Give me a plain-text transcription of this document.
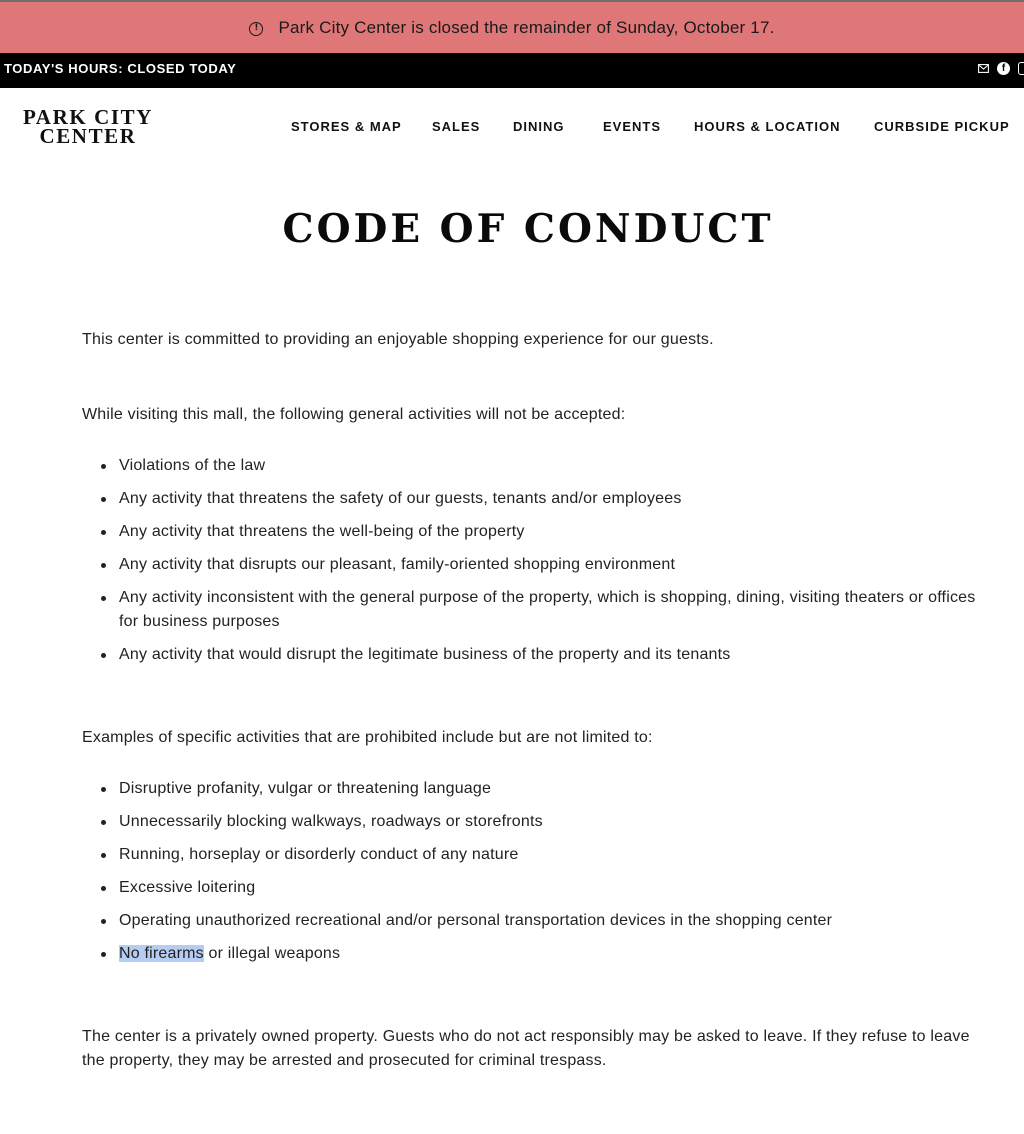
! Park City Center is closed the remainder of Sunday, October 17.
TODAY'S HOURS: CLOSED TODAY	f
PARK CITY
CENTER	STORES & MAP SALES	DINING	EVENTS	HOURS & LOCATION	CURBSIDE PICKUP
CODE OF CONDUCT

This center is committed to providing an enjoyable shopping experience for our guests.

While visiting this mall, the following general activities will not be accepted:

Violations of the law
Any activity that threatens the safety of our guests, tenants and/or employees
Any activity that threatens the well-being of the property
Any activity that disrupts our pleasant, family-oriented shopping environment
Any activity inconsistent with the general purpose of the property, which is shopping, dining, visiting theaters or offices for business purposes
Any activity that would disrupt the legitimate business of the property and its tenants

Examples of specific activities that are prohibited include but are not limited to:

Disruptive profanity, vulgar or threatening language
Unnecessarily blocking walkways, roadways or storefronts
Running, horseplay or disorderly conduct of any nature
Excessive loitering
Operating unauthorized recreational and/or personal transportation devices in the shopping center
No firearms or illegal weapons

The center is a privately owned property. Guests who do not act responsibly may be asked to leave. If they refuse to leave the property, they may be arrested and prosecuted for criminal trespass.
